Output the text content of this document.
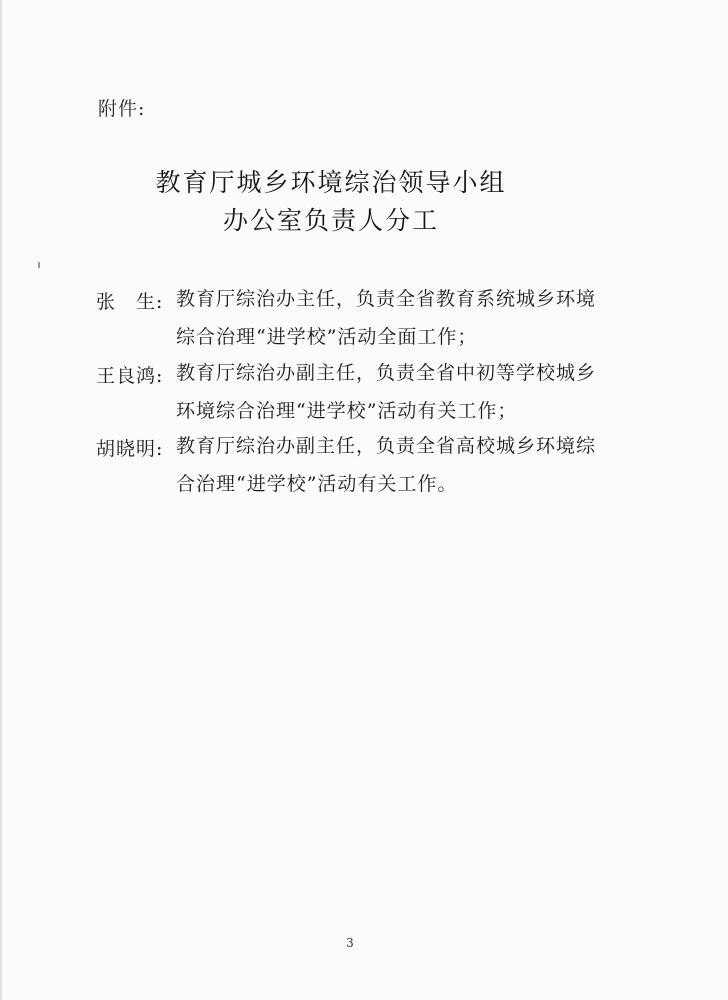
附件:
教育厅城乡环境综治领导小组
办公室负责人分工
张　生: 教育厅综治办主任，负责全省教育系统城乡环境综合治理“进学校”活动全面工作；
王良鸿: 教育厅综治办副主任，负责全省中初等学校城乡环境综合治理“进学校”活动有关工作；
胡晓明: 教育厅综治办副主任，负责全省高校城乡环境综合治理“进学校”活动有关工作。
3
